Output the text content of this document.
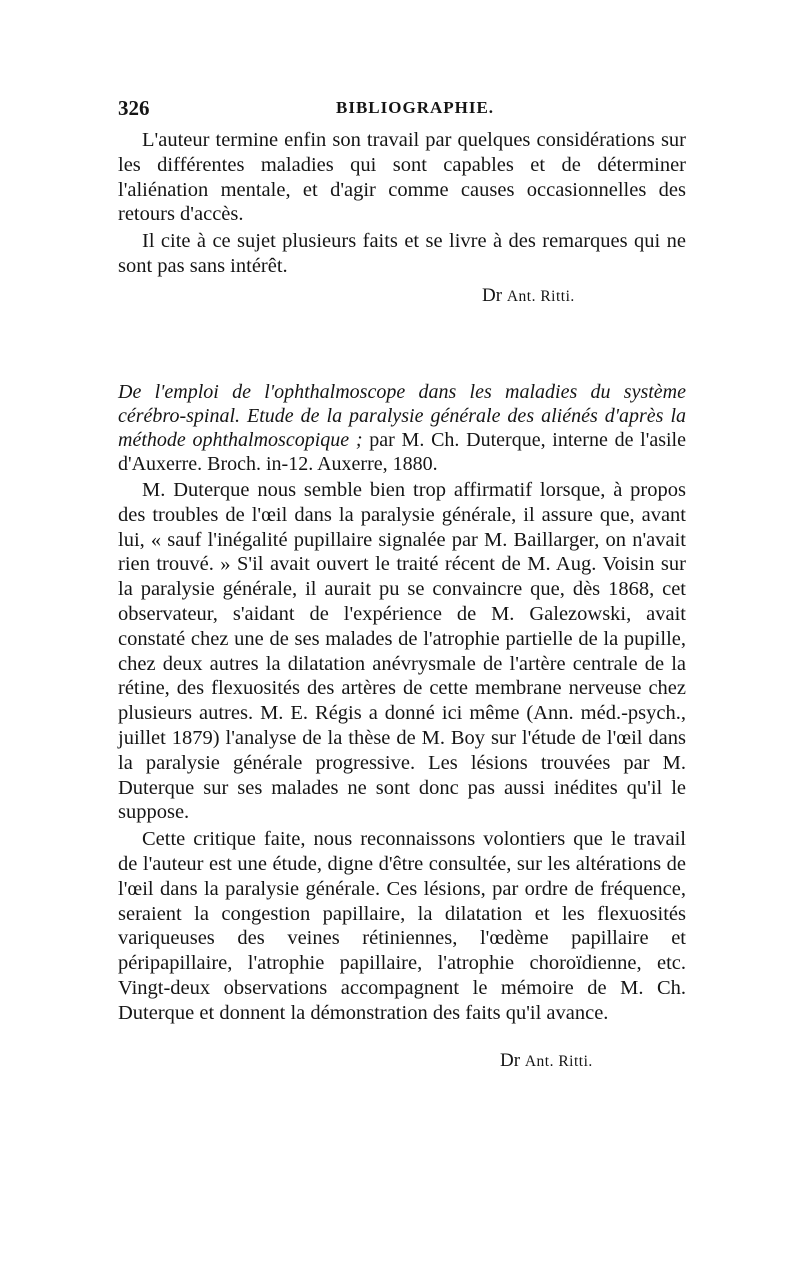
326	BIBLIOGRAPHIE.

L'auteur termine enfin son travail par quelques considérations sur les différentes maladies qui sont capables et de déterminer l'aliénation mentale, et d'agir comme causes occasionnelles des retours d'accès.

Il cite à ce sujet plusieurs faits et se livre à des remarques qui ne sont pas sans intérêt.

Dr Ant. Ritti.

De l'emploi de l'ophthalmoscope dans les maladies du système cérébro-spinal. Etude de la paralysie générale des aliénés d'après la méthode ophthalmoscopique ; par M. Ch. Duterque, interne de l'asile d'Auxerre. Broch. in-12. Auxerre, 1880.

M. Duterque nous semble bien trop affirmatif lorsque, à propos des troubles de l'œil dans la paralysie générale, il assure que, avant lui, « sauf l'inégalité pupillaire signalée par M. Baillarger, on n'avait rien trouvé. » S'il avait ouvert le traité récent de M. Aug. Voisin sur la paralysie générale, il aurait pu se convaincre que, dès 1868, cet observateur, s'aidant de l'expérience de M. Galezowski, avait constaté chez une de ses malades de l'atrophie partielle de la pupille, chez deux autres la dilatation anévrysmale de l'artère centrale de la rétine, des flexuosités des artères de cette membrane nerveuse chez plusieurs autres. M. E. Régis a donné ici même (Ann. méd.-psych., juillet 1879) l'analyse de la thèse de M. Boy sur l'étude de l'œil dans la paralysie générale progressive. Les lésions trouvées par M. Duterque sur ses malades ne sont donc pas aussi inédites qu'il le suppose.

Cette critique faite, nous reconnaissons volontiers que le travail de l'auteur est une étude, digne d'être consultée, sur les altérations de l'œil dans la paralysie générale. Ces lésions, par ordre de fréquence, seraient la congestion papillaire, la dilatation et les flexuosités variqueuses des veines rétiniennes, l'œdème papillaire et péripapillaire, l'atrophie papillaire, l'atrophie choroïdienne, etc. Vingt-deux observations accompagnent le mémoire de M. Ch. Duterque et donnent la démonstration des faits qu'il avance.

Dr Ant. Ritti.
